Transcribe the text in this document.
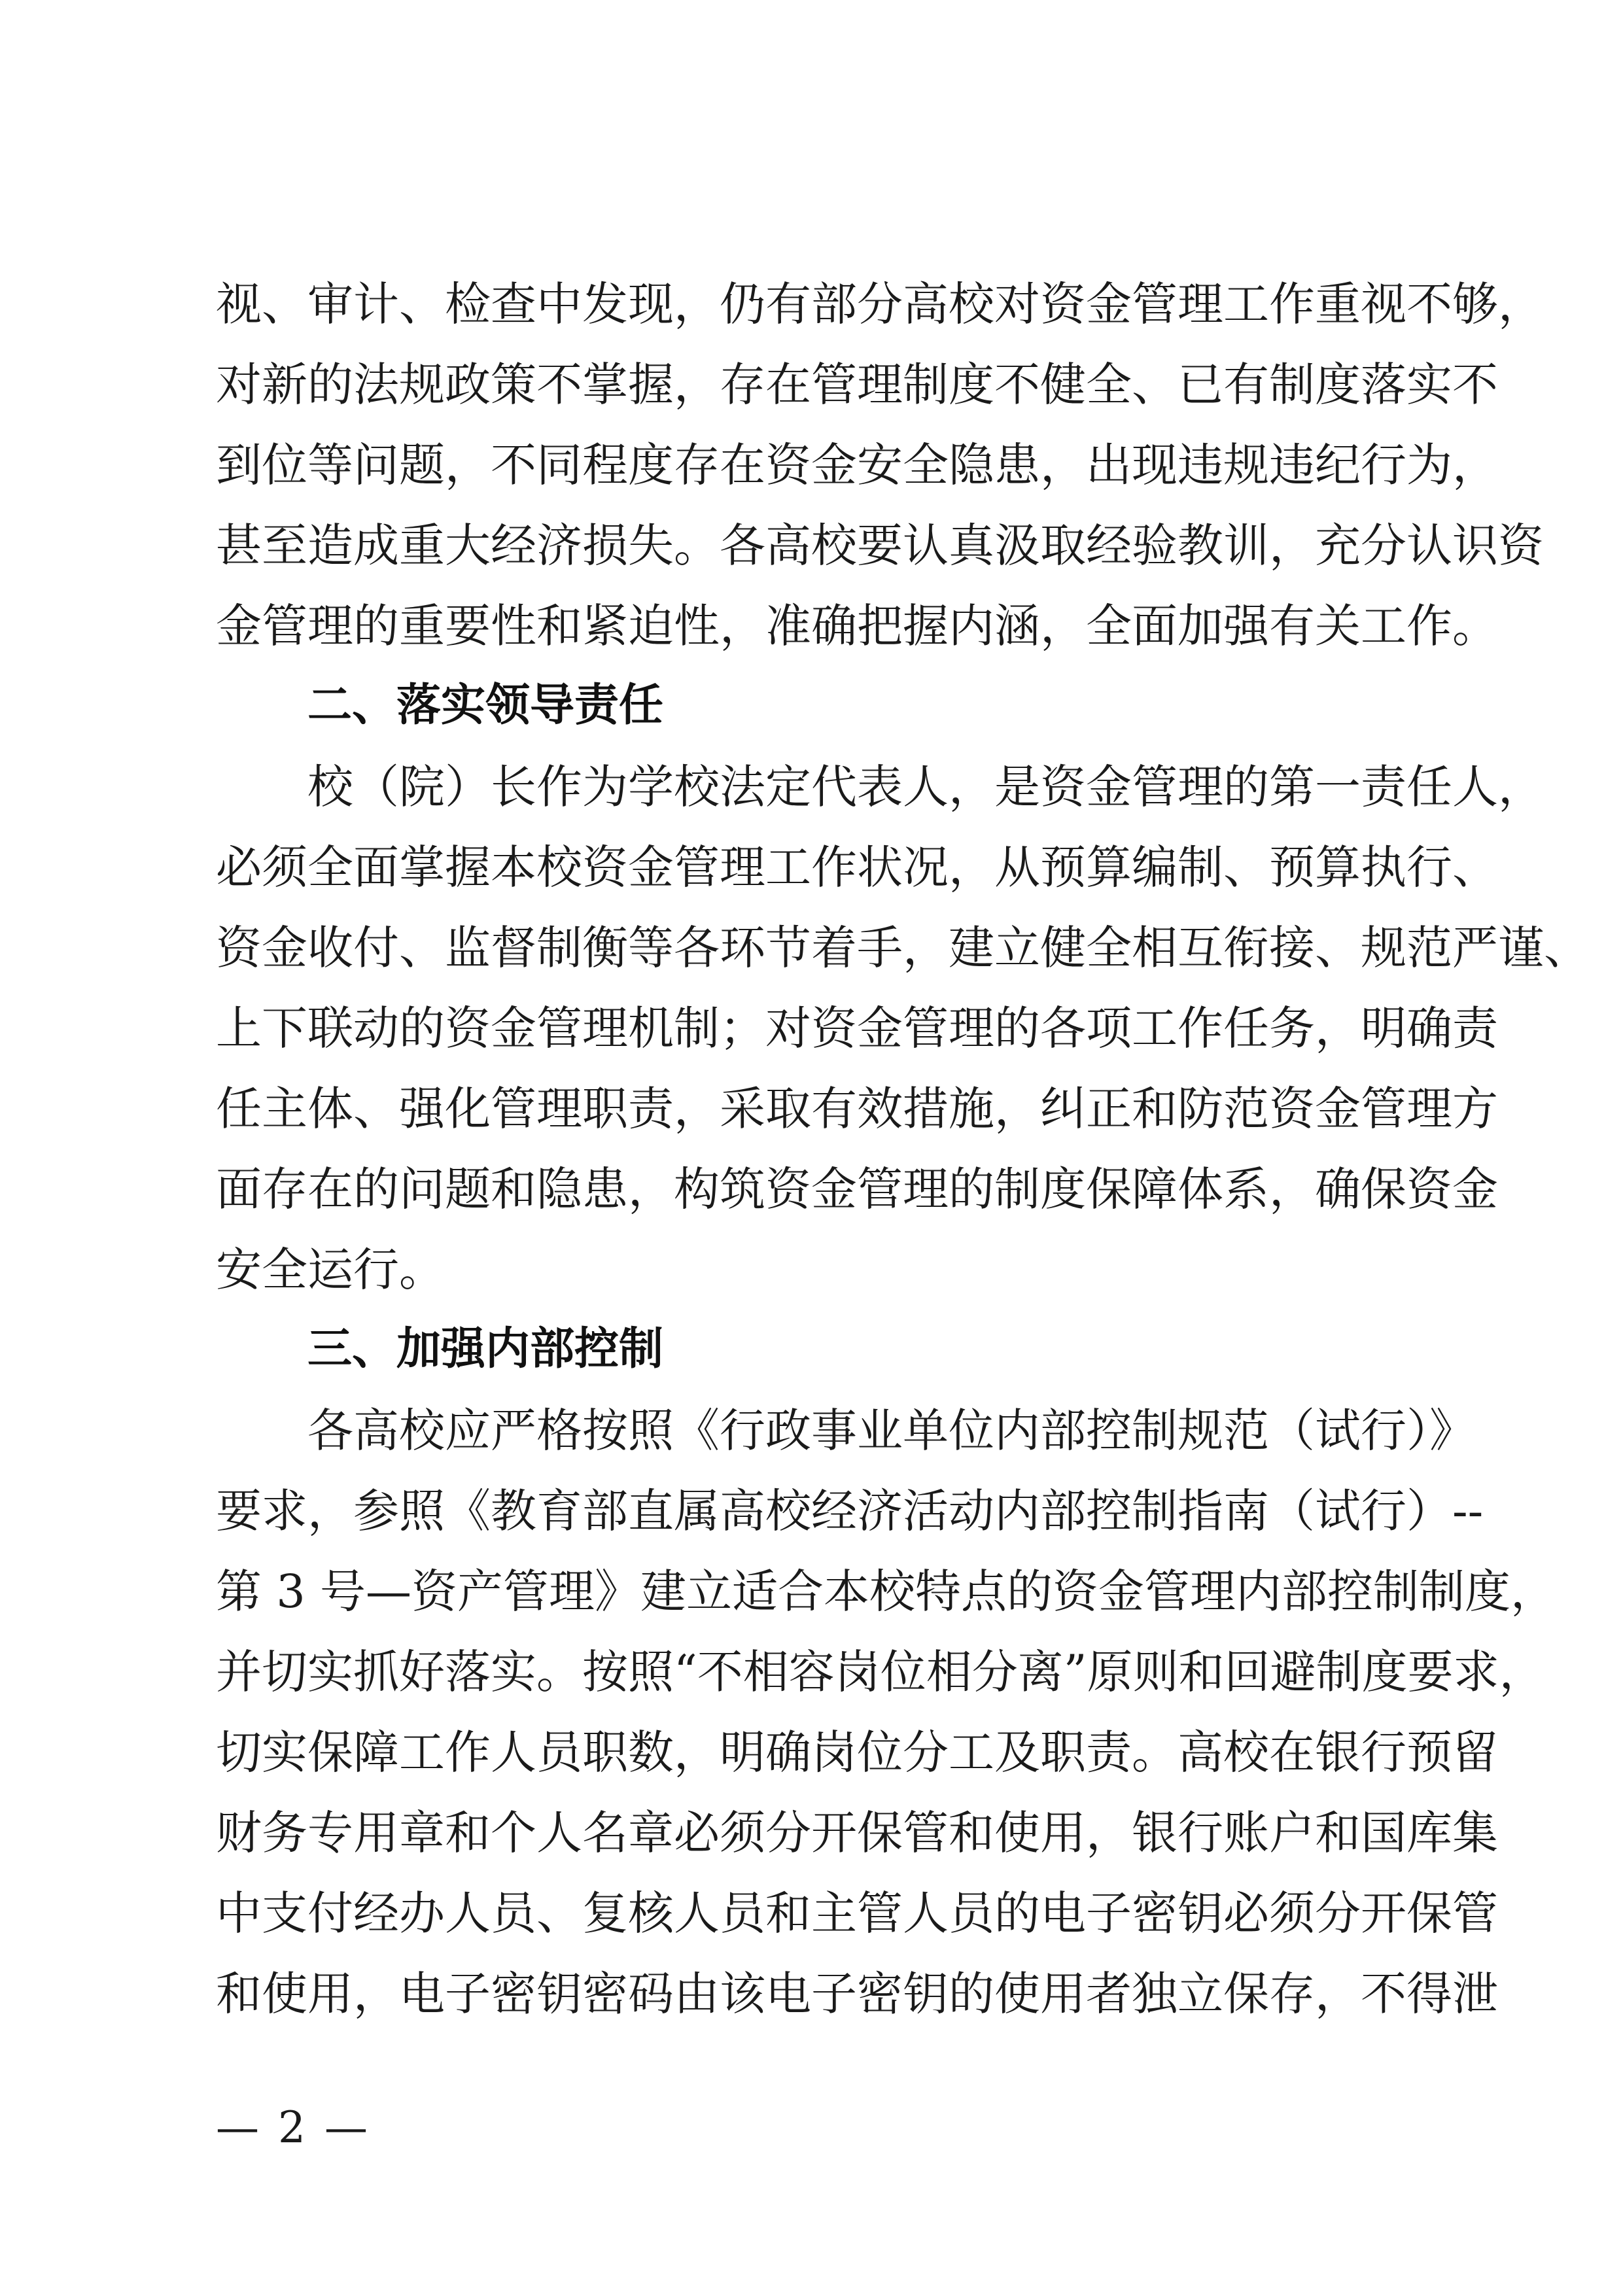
视、审计、检查中发现，仍有部分高校对资金管理工作重视不够，
对新的法规政策不掌握，存在管理制度不健全、已有制度落实不
到位等问题，不同程度存在资金安全隐患，出现违规违纪行为，
甚至造成重大经济损失。各高校要认真汲取经验教训，充分认识资
金管理的重要性和紧迫性，准确把握内涵，全面加强有关工作。
二、落实领导责任
校（院）长作为学校法定代表人，是资金管理的第一责任人，
必须全面掌握本校资金管理工作状况，从预算编制、预算执行、
资金收付、监督制衡等各环节着手，建立健全相互衔接、规范严谨、
上下联动的资金管理机制；对资金管理的各项工作任务，明确责
任主体、强化管理职责，采取有效措施，纠正和防范资金管理方
面存在的问题和隐患，构筑资金管理的制度保障体系，确保资金
安全运行。
三、加强内部控制
各高校应严格按照《行政事业单位内部控制规范（试行）》
要求，参照《教育部直属高校经济活动内部控制指南（试行）--
第 3 号—资产管理》建立适合本校特点的资金管理内部控制制度，
并切实抓好落实。按照“不相容岗位相分离”原则和回避制度要求，
切实保障工作人员职数，明确岗位分工及职责。高校在银行预留
财务专用章和个人名章必须分开保管和使用，银行账户和国库集
中支付经办人员、复核人员和主管人员的电子密钥必须分开保管
和使用，电子密钥密码由该电子密钥的使用者独立保存，不得泄
— 2 —
